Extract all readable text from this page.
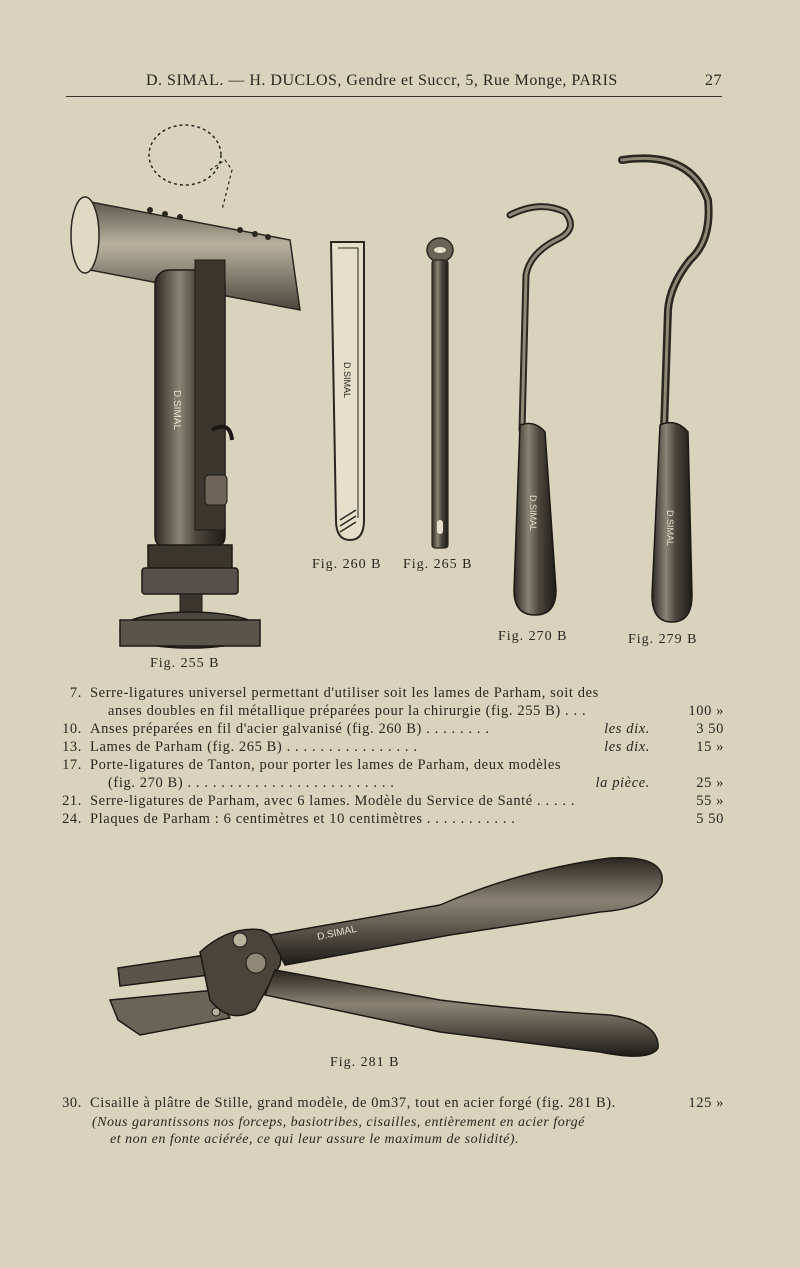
D. SIMAL. — H. DUCLOS, Gendre et Succr, 5, Rue Monge, PARIS	27
D.SIMAL
D.SIMAL
D.SIMAL	D.SIMAL
Fig. 260 B Fig. 265 B
Fig. 270 B	Fig. 279 B
Fig. 255 B
7. Serre-ligatures universel permettant d'utiliser soit les lames de Parham, soit des
anses doubles en fil métallique préparées pour la chirurgie (fig. 255 B) . . .	100 »
10. Anses préparées en fil d'acier galvanisé (fig. 260 B) . . . . . . . .	les dix.	3 50
13. Lames de Parham (fig. 265 B) . . . . . . . . . . . . . . . .	les dix.	15 »
17. Porte-ligatures de Tanton, pour porter les lames de Parham, deux modèles
(fig. 270 B) . . . . . . . . . . . . . . . . . . . . . . . . .	la pièce.	25 »
21. Serre-ligatures de Parham, avec 6 lames. Modèle du Service de Santé . . . . .	55 »
24. Plaques de Parham : 6 centimètres et 10 centimètres . . . . . . . . . . .	5 50
D.SIMAL
Fig. 281 B
30. Cisaille à plâtre de Stille, grand modèle, de 0m37, tout en acier forgé (fig. 281 B).	125 »
(Nous garantissons nos forceps, basiotribes, cisailles, entièrement en acier forgé
et non en fonte aciérée, ce qui leur assure le maximum de solidité).
